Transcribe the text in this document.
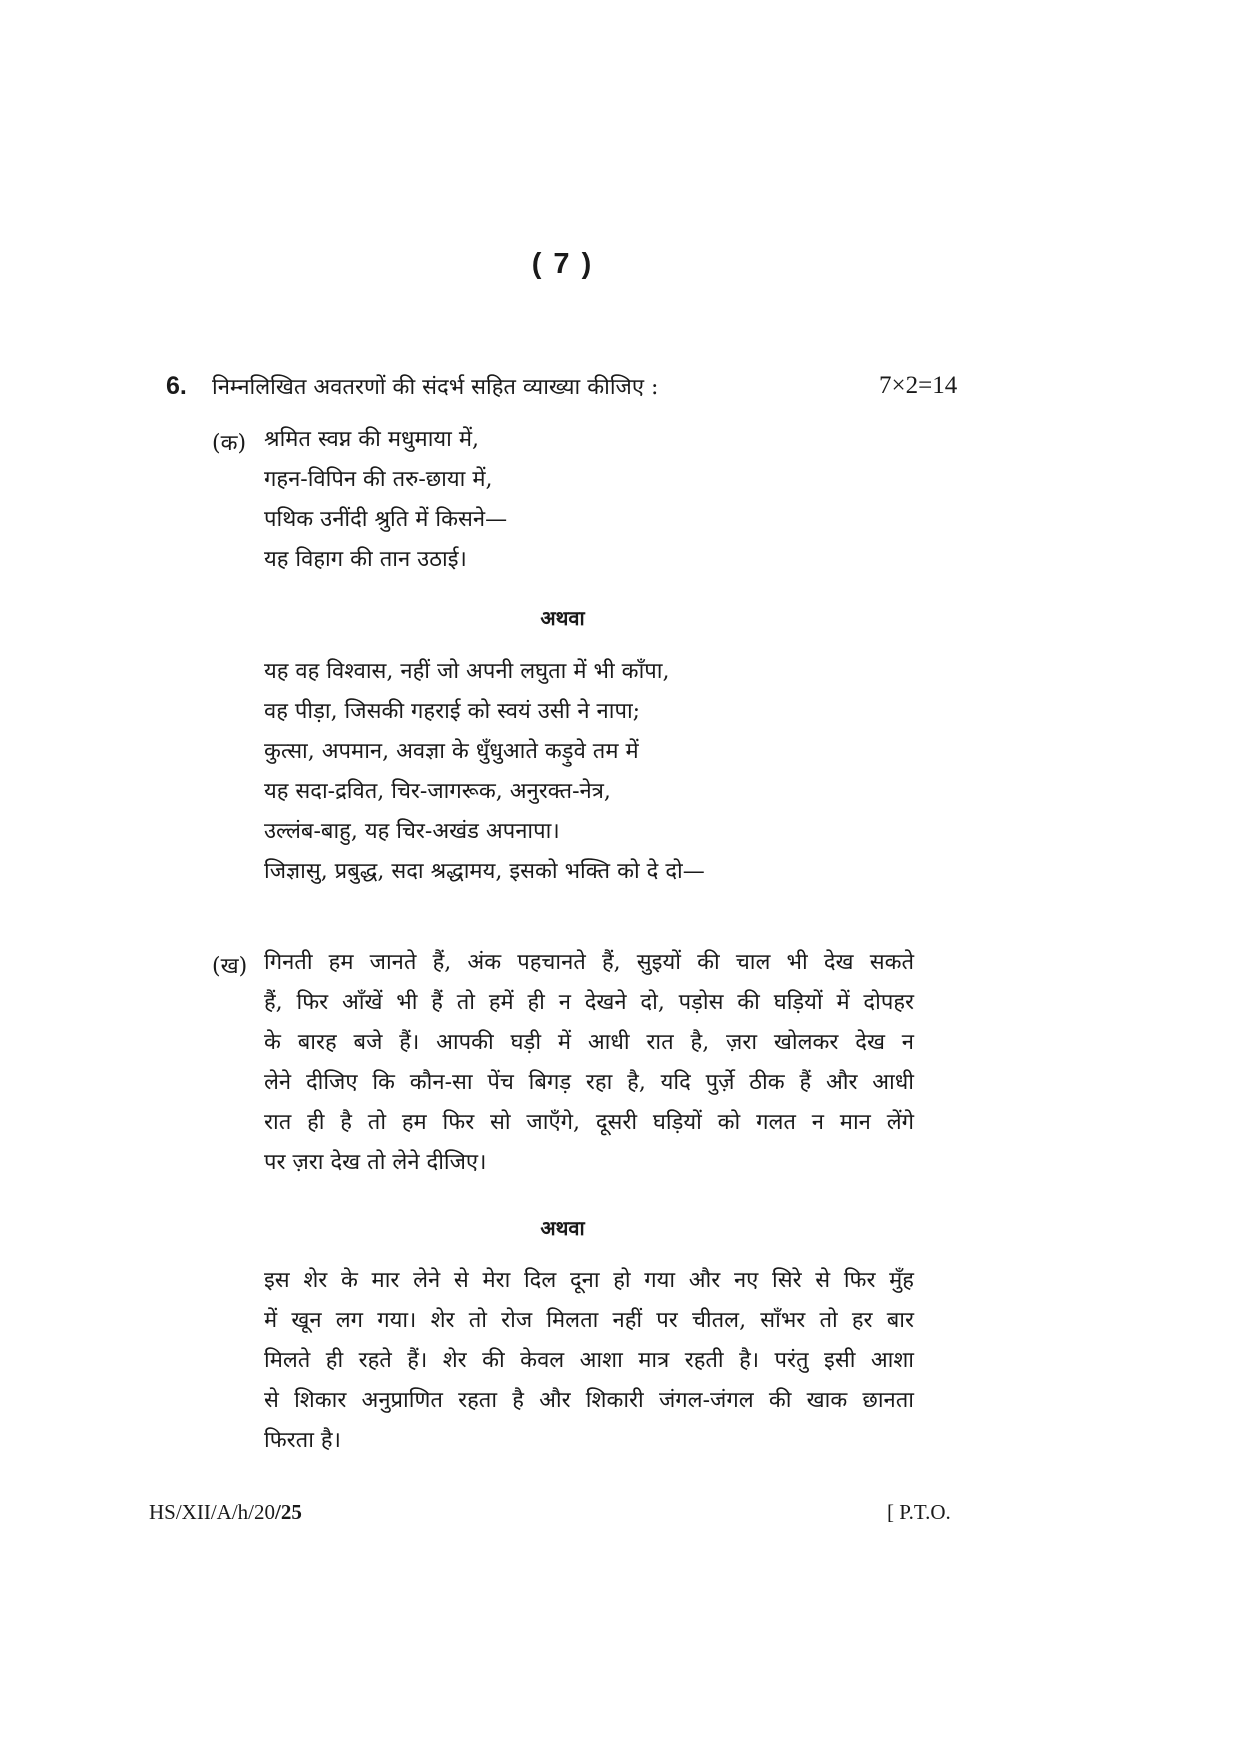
( 7 )
6. निम्नलिखित अवतरणों की संदर्भ सहित व्याख्या कीजिए :	7×2=14
(क) श्रमित स्वप्न की मधुमाया में,
गहन-विपिन की तरु-छाया में,
पथिक उनींदी श्रुति में किसने—
यह विहाग की तान उठाई।
अथवा
यह वह विश्वास, नहीं जो अपनी लघुता में भी काँपा,
वह पीड़ा, जिसकी गहराई को स्वयं उसी ने नापा;
कुत्सा, अपमान, अवज्ञा के धुँधुआते कड़ुवे तम में
यह सदा-द्रवित, चिर-जागरूक, अनुरक्त-नेत्र,
उल्लंब-बाहु, यह चिर-अखंड अपनापा।
जिज्ञासु, प्रबुद्ध, सदा श्रद्धामय, इसको भक्ति को दे दो—
(ख) गिनती हम जानते हैं, अंक पहचानते हैं, सुइयों की चाल भी देख सकते
हैं, फिर आँखें भी हैं तो हमें ही न देखने दो, पड़ोस की घड़ियों में दोपहर
के बारह बजे हैं। आपकी घड़ी में आधी रात है, ज़रा खोलकर देख न
लेने दीजिए कि कौन-सा पेंच बिगड़ रहा है, यदि पुर्ज़े ठीक हैं और आधी
रात ही है तो हम फिर सो जाएँगे, दूसरी घड़ियों को गलत न मान लेंगे
पर ज़रा देख तो लेने दीजिए।
अथवा
इस शेर के मार लेने से मेरा दिल दूना हो गया और नए सिरे से फिर मुँह
में खून लग गया। शेर तो रोज मिलता नहीं पर चीतल, साँभर तो हर बार
मिलते ही रहते हैं। शेर की केवल आशा मात्र रहती है। परंतु इसी आशा
से शिकार अनुप्राणित रहता है और शिकारी जंगल-जंगल की खाक छानता
फिरता है।
HS/XII/A/h/20/25	[ P.T.O.
